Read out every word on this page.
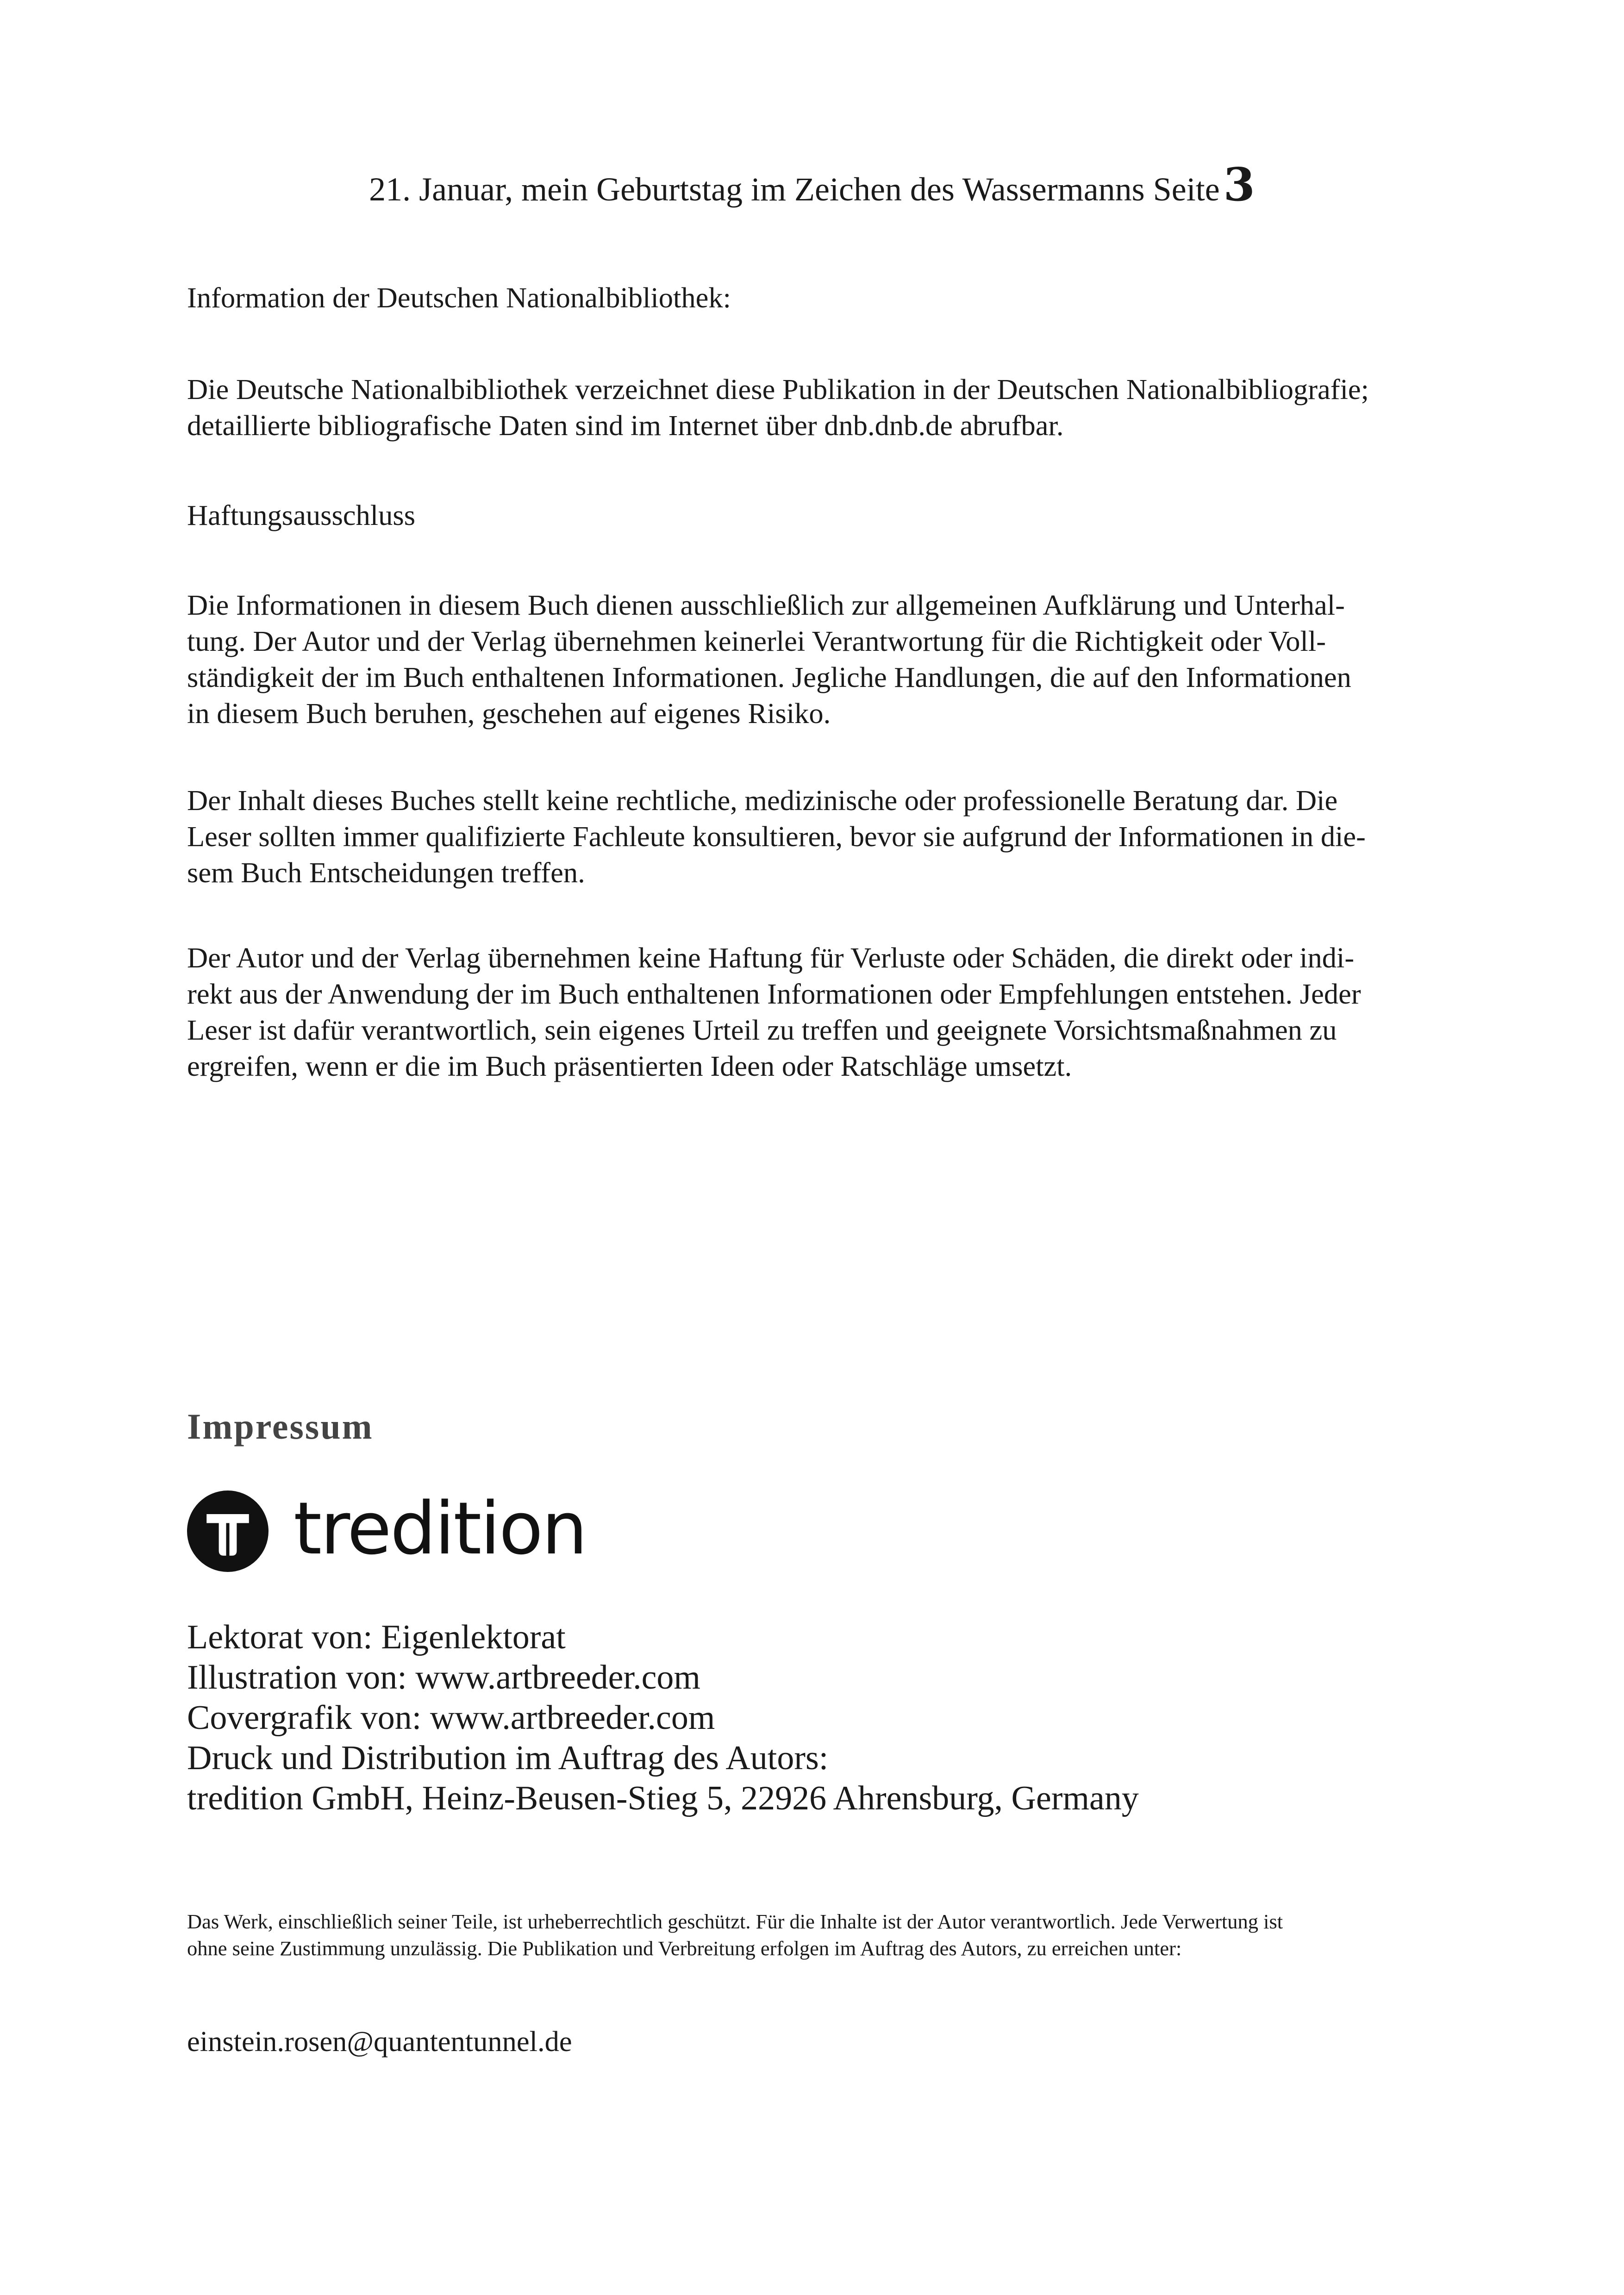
21. Januar, mein Geburtstag im Zeichen des Wassermanns Seite3

Information der Deutschen Nationalbibliothek:

Die Deutsche Nationalbibliothek verzeichnet diese Publikation in der Deutschen Nationalbibliografie;

detaillierte bibliografische Daten sind im Internet über dnb.dnb.de abrufbar.

Haftungsausschluss

Die Informationen in diesem Buch dienen ausschließlich zur allgemeinen Aufklärung und Unterhal-

tung. Der Autor und der Verlag übernehmen keinerlei Verantwortung für die Richtigkeit oder Voll-

ständigkeit der im Buch enthaltenen Informationen. Jegliche Handlungen, die auf den Informationen

in diesem Buch beruhen, geschehen auf eigenes Risiko.

Der Inhalt dieses Buches stellt keine rechtliche, medizinische oder professionelle Beratung dar. Die

Leser sollten immer qualifizierte Fachleute konsultieren, bevor sie aufgrund der Informationen in die-

sem Buch Entscheidungen treffen.

Der Autor und der Verlag übernehmen keine Haftung für Verluste oder Schäden, die direkt oder indi-

rekt aus der Anwendung der im Buch enthaltenen Informationen oder Empfehlungen entstehen. Jeder

Leser ist dafür verantwortlich, sein eigenes Urteil zu treffen und geeignete Vorsichtsmaßnahmen zu

ergreifen, wenn er die im Buch präsentierten Ideen oder Ratschläge umsetzt.

Impressum
tredition
Lektorat von: Eigenlektorat
Illustration von: www.artbreeder.com
Covergrafik von: www.artbreeder.com
Druck und Distribution im Auftrag des Autors:
tredition GmbH, Heinz-Beusen-Stieg 5, 22926 Ahrensburg, Germany

Das Werk, einschließlich seiner Teile, ist urheberrechtlich geschützt. Für die Inhalte ist der Autor verantwortlich. Jede Verwertung ist

ohne seine Zustimmung unzulässig. Die Publikation und Verbreitung erfolgen im Auftrag des Autors, zu erreichen unter:

einstein.rosen@quantentunnel.de
